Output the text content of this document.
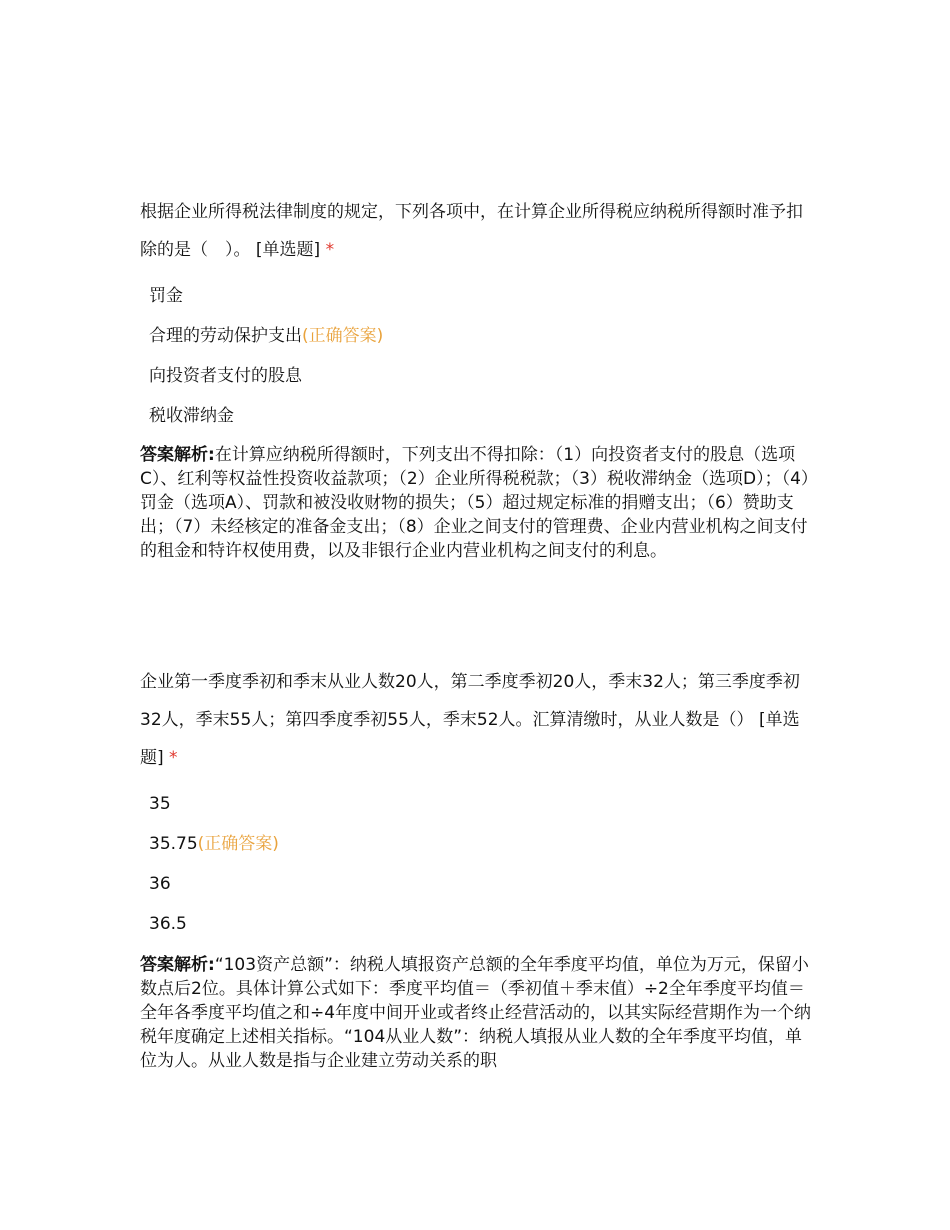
根据企业所得税法律制度的规定，下列各项中，在计算企业所得税应纳税所得额时准予扣除的是（　）。 [单选题] *
罚金
合理的劳动保护支出(正确答案)
向投资者支付的股息
税收滞纳金
答案解析:在计算应纳税所得额时，下列支出不得扣除：（1）向投资者支付的股息（选项C）、红利等权益性投资收益款项；（2）企业所得税税款；（3）税收滞纳金（选项D）；（4）罚金（选项A）、罚款和被没收财物的损失；（5）超过规定标准的捐赠支出；（6）赞助支出；（7）未经核定的准备金支出；（8）企业之间支付的管理费、企业内营业机构之间支付的租金和特许权使用费，以及非银行企业内营业机构之间支付的利息。
企业第一季度季初和季末从业人数20人，第二季度季初20人，季末32人；第三季度季初32人，季末55人；第四季度季初55人，季末52人。汇算清缴时，从业人数是（） [单选题] *
35
35.75(正确答案)
36
36.5
答案解析:“103资产总额”：纳税人填报资产总额的全年季度平均值，单位为万元，保留小数点后2位。具体计算公式如下：季度平均值＝（季初值＋季末值）÷2全年季度平均值＝全年各季度平均值之和÷4年度中间开业或者终止经营活动的，以其实际经营期作为一个纳税年度确定上述相关指标。“104从业人数”：纳税人填报从业人数的全年季度平均值，单位为人。从业人数是指与企业建立劳动关系的职
